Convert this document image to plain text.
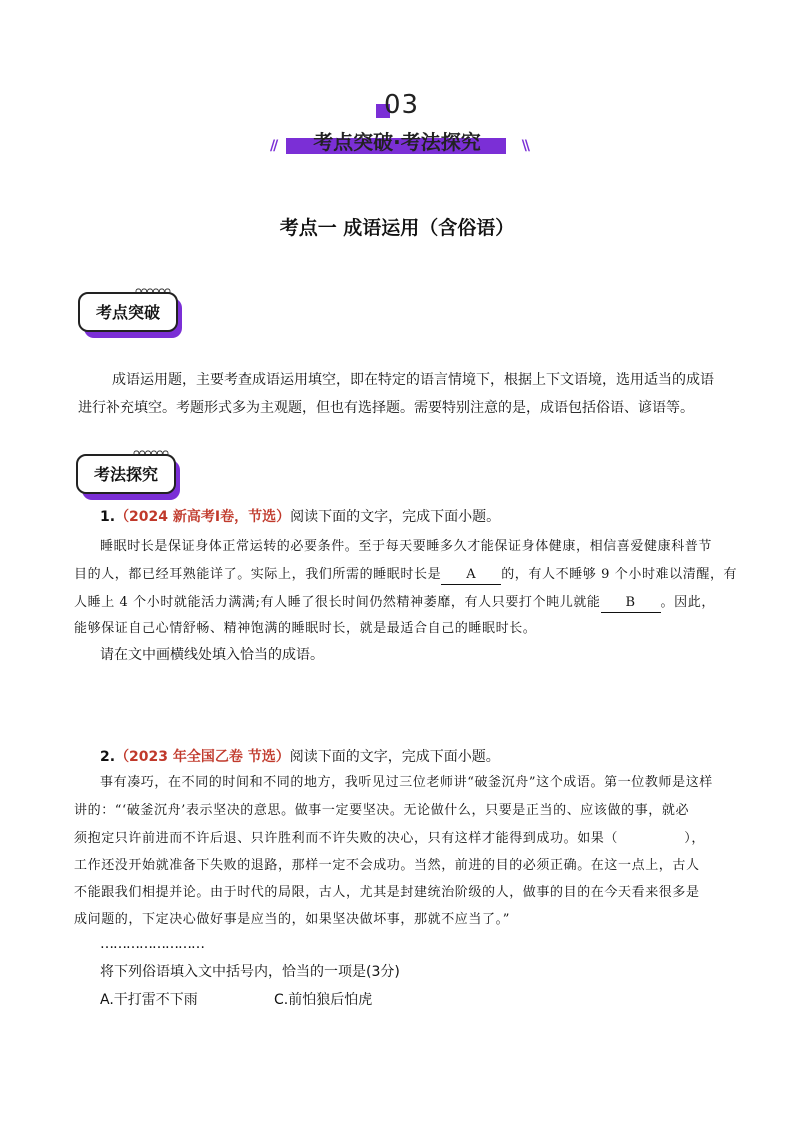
03
//	考点突破·考法探究	\\
考点一 成语运用（含俗语）
ᴑᴑᴑᴑᴑᴑ
考点突破
成语运用题，主要考查成语运用填空，即在特定的语言情境下，根据上下文语境，选用适当的成语
进行补充填空。考题形式多为主观题，但也有选择题。需要特别注意的是，成语包括俗语、谚语等。
ᴑᴑᴑᴑᴑᴑ
考法探究
1.（2024 新高考Ⅰ卷，节选）阅读下面的文字，完成下面小题。
睡眠时长是保证身体正常运转的必要条件。至于每天要睡多久才能保证身体健康，相信喜爱健康科普节
目的人，都已经耳熟能详了。实际上，我们所需的睡眠时长是 A 的，有人不睡够 9 个小时难以清醒，有
人睡上 4 个小时就能活力满满;有人睡了很长时间仍然精神萎靡，有人只要打个盹儿就能 B 。因此，
能够保证自己心情舒畅、精神饱满的睡眠时长，就是最适合自己的睡眠时长。
请在文中画横线处填入恰当的成语。
2.（2023 年全国乙卷 节选）阅读下面的文字，完成下面小题。
事有凑巧，在不同的时间和不同的地方，我听见过三位老师讲“破釜沉舟”这个成语。第一位教师是这样
讲的：“‘破釜沉舟’表示坚决的意思。做事一定要坚决。无论做什么，只要是正当的、应该做的事，就必
须抱定只许前进而不许后退、只许胜利而不许失败的决心，只有这样才能得到成功。如果（              ），
工作还没开始就准备下失败的退路，那样一定不会成功。当然，前进的目的必须正确。在这一点上，古人
不能跟我们相提并论。由于时代的局限，古人，尤其是封建统治阶级的人，做事的目的在今天看来很多是
成问题的，下定决心做好事是应当的，如果坚决做坏事，那就不应当了。”
……………………
将下列俗语填入文中括号内，恰当的一项是(3分)
A.干打雷不下雨	C.前怕狼后怕虎
